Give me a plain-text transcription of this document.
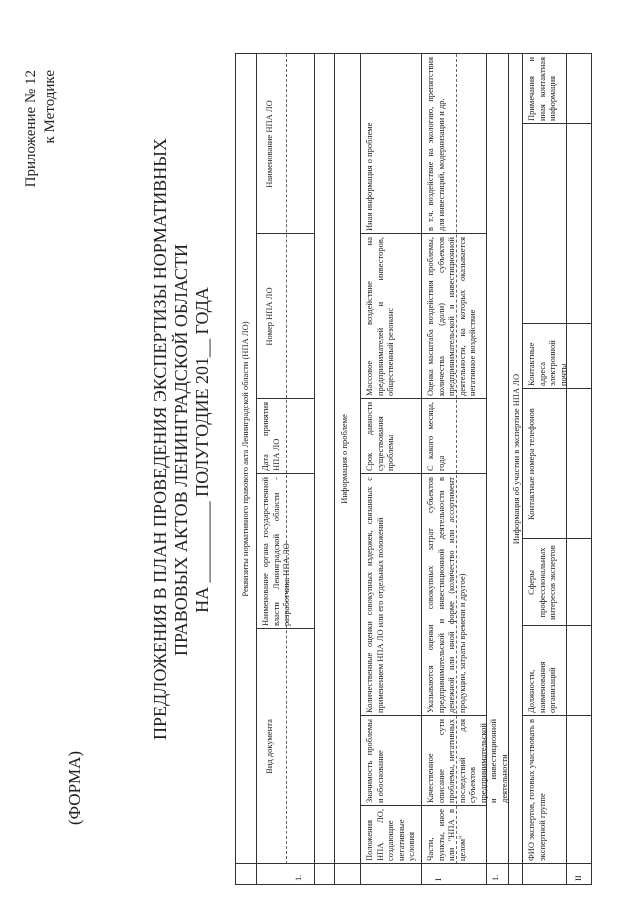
Приложение № 12 к Методике
(ФОРМА)
ПРЕДЛОЖЕНИЯ В ПЛАН ПРОВЕДЕНИЯ ЭКСПЕРТИЗЫ НОРМАТИВНЫХ ПРАВОВЫХ АКТОВ ЛЕНИНГРАДСКОЙ ОБЛАСТИ НА _________ ПОЛУГОДИЕ 201__ ГОДА	Реквизиты нормативного правового акта Ленинградской области (НПА ЛО)
Вид документа
Наименование органа государственной власти Ленинградской области - разработчика НПА ЛО
Дата принятия НПА ЛО
Номер НПА ЛО
Наименование НПА ЛО
1.
Информация о проблеме
Положения НПА ЛО, создающие негативные условия
Значимость проблемы и обоснование
Количественные оценки совокупных издержек, связанных с применением НПА ЛО или его отдельных положений
Срок давности существования проблемы
Массовое воздействие на предпринимателей и инвесторов, общественный резонанс
Иная информация о проблеме
I
Части, пункты, иное или "НПА в целом"
Качественное описание сути проблемы, негативных последствий для субъектов предпринимательской и инвестиционной деятельности
Указываются оценки совокупных затрат субъектов предпринимательской и инвестиционной деятельности в денежной или иной форме (количество или ассортимент продукции, затраты времени и другое)
С какого месяца, года
Оценка масштаба воздействия проблемы, количества (доли) субъектов предпринимательской и инвестиционной деятельности, на которых оказывается негативное воздействие
в т.ч. воздействие на экологию, препятствия для инвестиций, модернизации и др.
1.
Информация об участии в экспертизе НПА ЛО
ФИО экспертов, готовых участвовать в экспертной группе
Должности, наименования организаций
Сферы профессиональных интересов экспертов
Контактные номера телефонов
Контактные адреса электронной почты
Примечания и иная контактная информация
II
